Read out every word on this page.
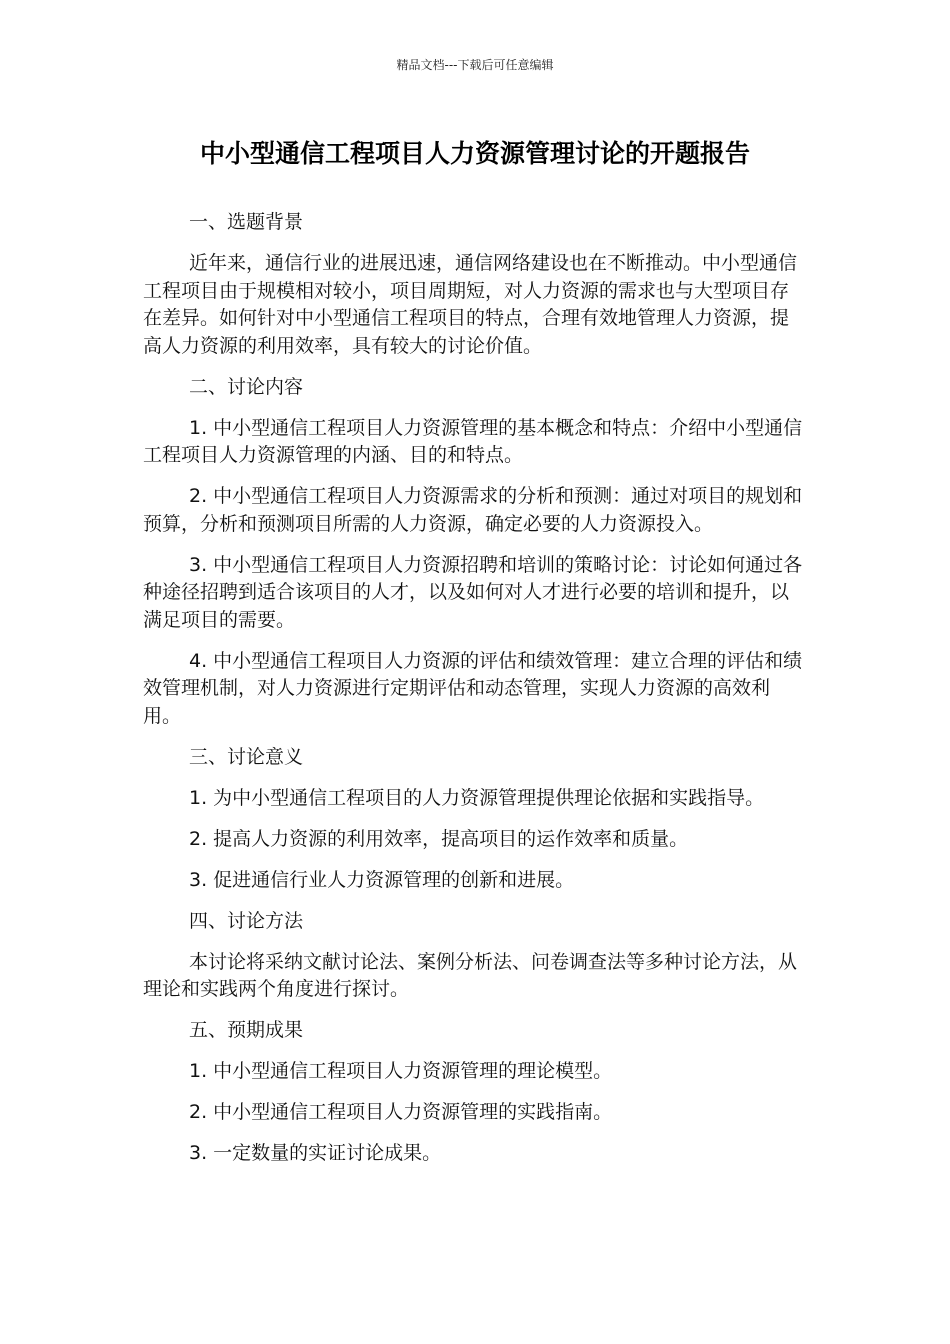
精品文档---下载后可任意编辑
中小型通信工程项目人力资源管理讨论的开题报告

一、选题背景

近年来，通信行业的进展迅速，通信网络建设也在不断推动。中小型通信工程项目由于规模相对较小，项目周期短，对人力资源的需求也与大型项目存在差异。如何针对中小型通信工程项目的特点，合理有效地管理人力资源，提高人力资源的利用效率，具有较大的讨论价值。

二、讨论内容

1. 中小型通信工程项目人力资源管理的基本概念和特点：介绍中小型通信工程项目人力资源管理的内涵、目的和特点。

2. 中小型通信工程项目人力资源需求的分析和预测：通过对项目的规划和预算，分析和预测项目所需的人力资源，确定必要的人力资源投入。

3. 中小型通信工程项目人力资源招聘和培训的策略讨论：讨论如何通过各种途径招聘到适合该项目的人才，以及如何对人才进行必要的培训和提升，以满足项目的需要。

4. 中小型通信工程项目人力资源的评估和绩效管理：建立合理的评估和绩效管理机制，对人力资源进行定期评估和动态管理，实现人力资源的高效利用。

三、讨论意义

1. 为中小型通信工程项目的人力资源管理提供理论依据和实践指导。

2. 提高人力资源的利用效率，提高项目的运作效率和质量。

3. 促进通信行业人力资源管理的创新和进展。

四、讨论方法

本讨论将采纳文献讨论法、案例分析法、问卷调查法等多种讨论方法，从理论和实践两个角度进行探讨。

五、预期成果

1. 中小型通信工程项目人力资源管理的理论模型。

2. 中小型通信工程项目人力资源管理的实践指南。

3. 一定数量的实证讨论成果。
